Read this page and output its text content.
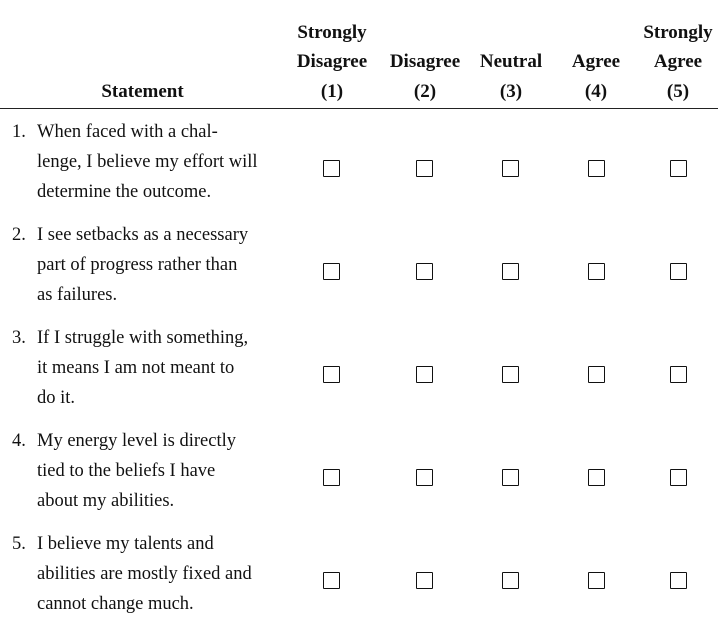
Statement
Strongly
Disagree
(1)
Disagree
(2)
Neutral
(3)
Agree
(4)
Strongly
Agree
(5)
1. When faced with a chal-
lenge, I believe my effort will
determine the outcome.
2. I see setbacks as a necessary
part of progress rather than
as failures.
3. If I struggle with something,
it means I am not meant to
do it.
4. My energy level is directly
tied to the beliefs I have
about my abilities.
5. I believe my talents and
abilities are mostly fixed and
cannot change much.
